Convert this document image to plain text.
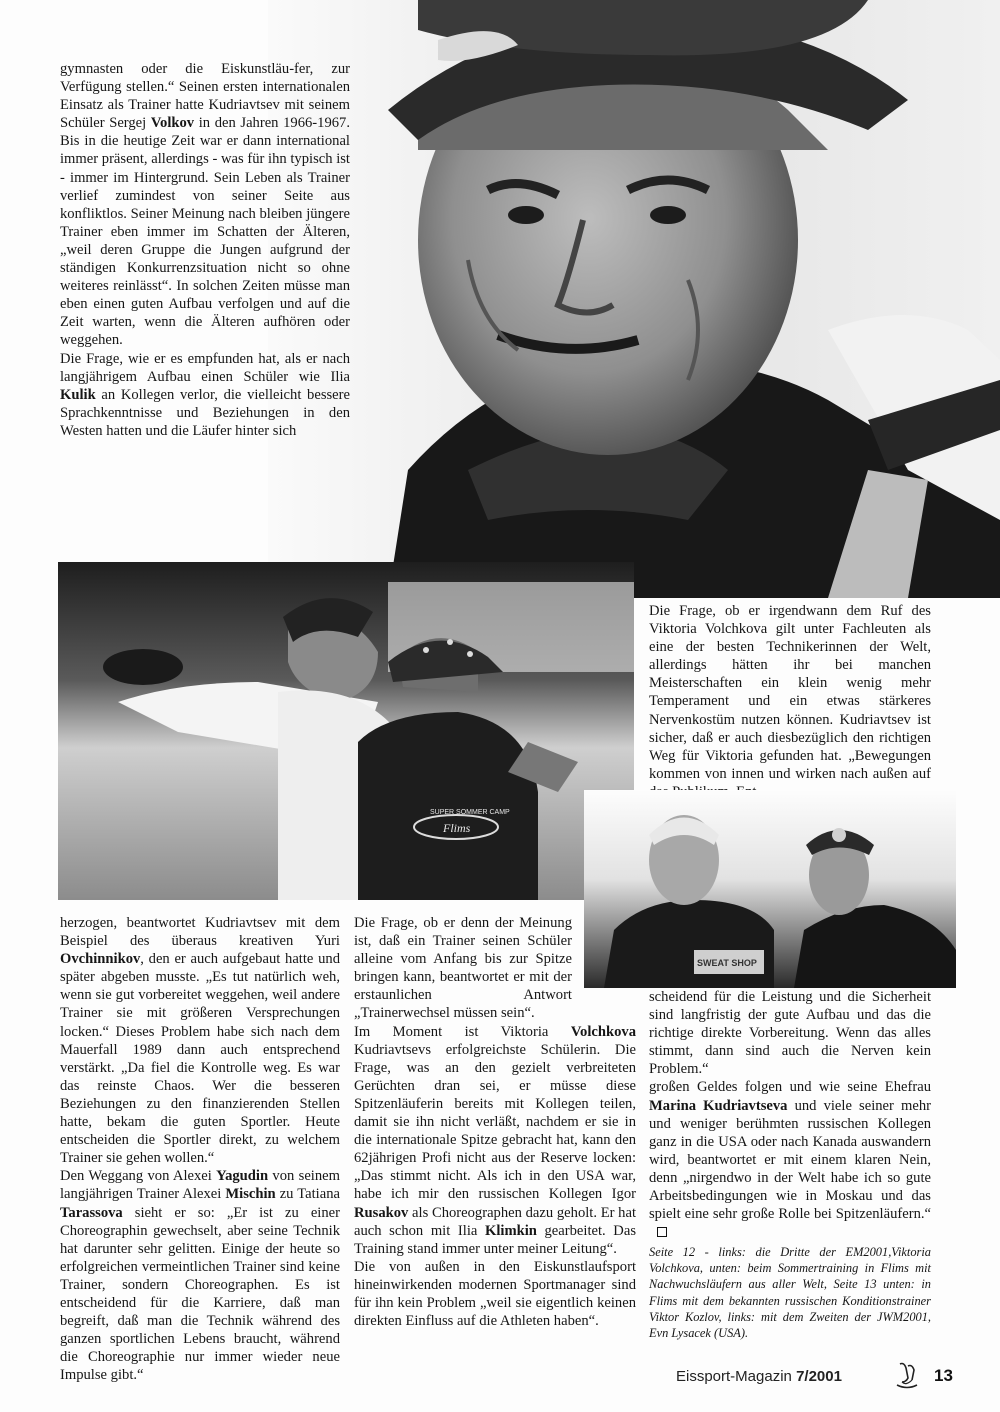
gymnasten oder die Eiskunstläu-fer, zur Verfügung stellen.“ Seinen ersten internationalen Einsatz als Trainer hatte Kudriavtsev mit seinem Schüler Sergej Volkov in den Jahren 1966-1967. Bis in die heutige Zeit war er dann international immer präsent, allerdings - was für ihn typisch ist - immer im Hintergrund. Sein Leben als Trainer verlief zumindest von seiner Seite aus konfliktlos. Seiner Meinung nach bleiben jüngere Trainer eben immer im Schatten der Älteren, „weil deren Gruppe die Jungen aufgrund der ständigen Konkurrenzsituation nicht so ohne weiteres reinlässt“. In solchen Zeiten müsse man eben einen guten Aufbau verfolgen und auf die Zeit warten, wenn die Älteren aufhören oder weggehen.

Die Frage, wie er es empfunden hat, als er nach langjährigem Aufbau einen Schüler wie Ilia Kulik an Kollegen verlor, die vielleicht bessere Sprachkenntnisse und Beziehungen in den Westen hatten und die Läufer hinter sich

SUPER SOMMER CAMP
Flims

Die Frage, ob er irgendwann dem Ruf des Viktoria Volchkova gilt unter Fachleuten als eine der besten Technikerinnen der Welt, allerdings hätten ihr bei manchen Meisterschaften ein klein wenig mehr Temperament und ein etwas stärkeres Nervenkostüm nutzen können. Kudriavtsev ist sicher, daß er auch diesbezüglich den richtigen Weg für Viktoria gefunden hat. „Bewegungen kommen von innen und wirken nach außen auf

SWEAT SHOP

herzogen, beantwortet Kudriavtsev mit dem Beispiel des überaus kreativen Yuri Ovchinnikov, den er auch aufgebaut hatte und später abgeben musste. „Es tut natürlich weh, wenn sie gut vorbereitet weggehen, weil andere Trainer sie mit größeren Versprechungen locken.“ Dieses Problem habe sich nach dem Mauerfall 1989 dann auch entsprechend verstärkt. „Da fiel die Kontrolle weg. Es war das reinste Chaos. Wer die besseren Beziehungen zu den finanzierenden Stellen hatte, bekam die guten Sportler. Heute entscheiden die Sportler direkt, zu welchem Trainer sie gehen wollen.“

Den Weggang von Alexei Yagudin von seinem langjährigen Trainer Alexei Mischin zu Tatiana Tarassova sieht er so: „Er ist zu einer Choreographin gewechselt, aber seine Technik hat darunter sehr gelitten. Einige der heute so erfolgreichen vermeintlichen Trainer sind keine Trainer, sondern Choreographen. Es ist entscheidend für die Karriere, daß man begreift, daß man die Technik während des ganzen sportlichen Lebens braucht, während die Choreographie nur immer wieder neue Impulse gibt.“

Die Frage, ob er denn der Meinung ist, daß ein Trainer seinen Schüler alleine vom Anfang bis zur Spitze bringen kann, beantwortet er mit der erstaunlichen Antwort „Trainerwechsel müssen sein“.

Im Moment ist Viktoria Volchkova Kudriavtsevs erfolgreichste Schülerin. Die Frage, was an den gezielt verbreiteten Gerüchten dran sei, er müsse diese Spitzenläuferin bereits mit Kollegen teilen, damit sie ihn nicht verläßt, nachdem er sie in die internationale Spitze gebracht hat, kann den 62jährigen Profi nicht aus der Reserve locken: „Das stimmt nicht. Als ich in den USA war, habe ich mir den russischen Kollegen Igor Rusakov als Choreographen dazu geholt. Er hat auch schon mit Ilia Klimkin gearbeitet. Das Training stand immer unter meiner Leitung“.

Die von außen in den Eiskunstlaufsport hineinwirkenden modernen Sportmanager sind für ihn kein Problem „weil sie eigentlich keinen direkten Einfluss auf die Athleten haben“.

scheidend für die Leistung und die Sicherheit sind langfristig der gute Aufbau und das die richtige direkte Vorbereitung. Wenn das alles stimmt, dann sind auch die Nerven kein Problem.“

großen Geldes folgen und wie seine Ehefrau Marina Kudriavtseva und viele seiner mehr und weniger berühmten russischen Kollegen ganz in die USA oder nach Kanada auswandern wird, beantwortet er mit einem klaren Nein, denn „nirgendwo in der Welt habe ich so gute Arbeitsbedingungen wie in Moskau und das spielt eine sehr große Rolle bei Spitzenläufern.“

Seite 12 - links: die Dritte der EM2001,Viktoria Volchkova, unten: beim Sommertraining in Flims mit Nachwuchsläufern aus aller Welt, Seite 13 unten: in Flims mit dem bekannten russischen Konditionstrainer Viktor Kozlov, links: mit dem Zweiten der JWM2001, Evn Lysacek (USA).
Eissport-Magazin 7/2001	13
